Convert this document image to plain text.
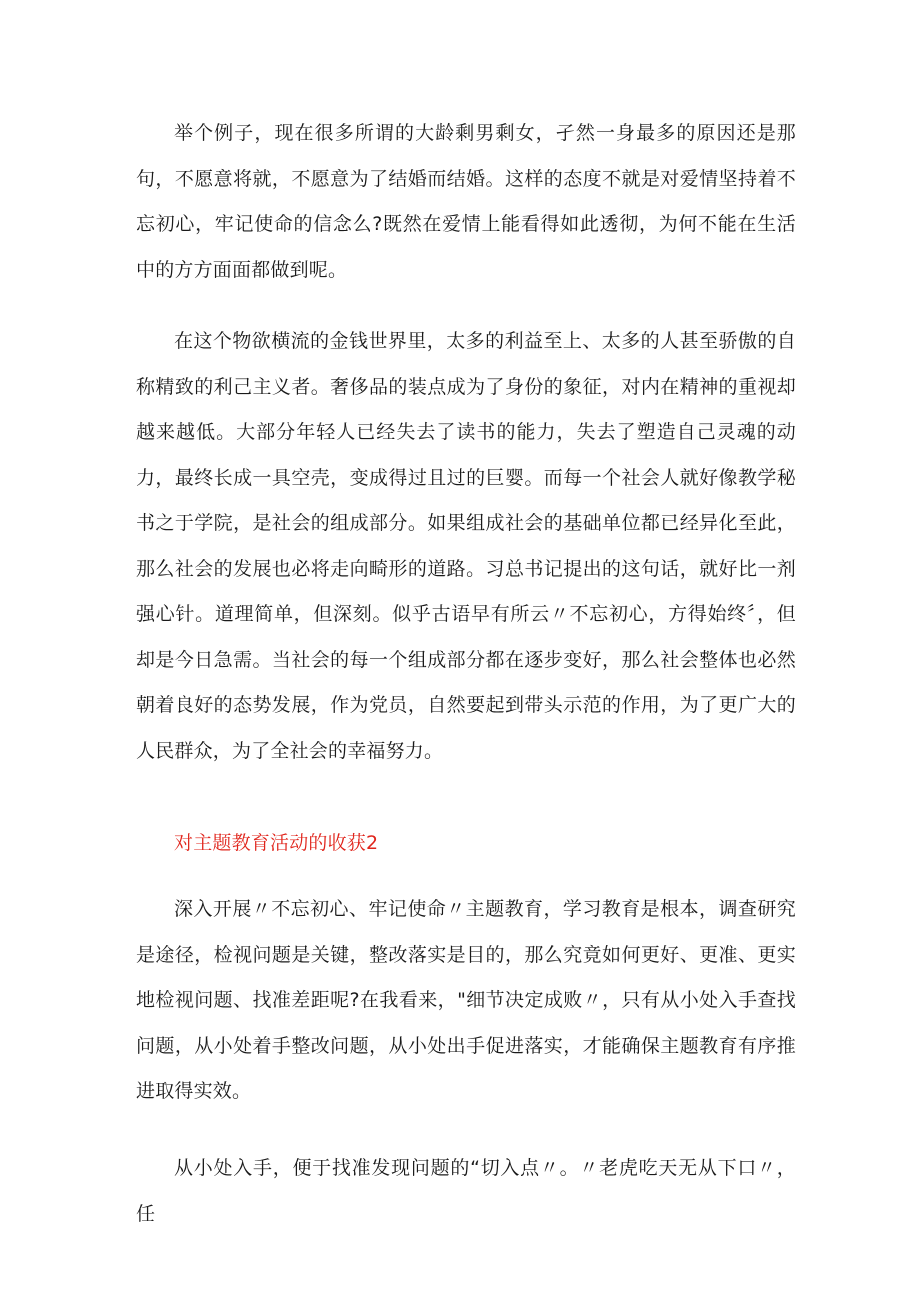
举个例子，现在很多所谓的大龄剩男剩女，孑然一身最多的原因还是那句，不愿意将就，不愿意为了结婚而结婚。这样的态度不就是对爱情坚持着不忘初心，牢记使命的信念么?既然在爱情上能看得如此透彻，为何不能在生活中的方方面面都做到呢。
在这个物欲横流的金钱世界里，太多的利益至上、太多的人甚至骄傲的自称精致的利己主义者。奢侈品的装点成为了身份的象征，对内在精神的重视却越来越低。大部分年轻人已经失去了读书的能力，失去了塑造自己灵魂的动力，最终长成一具空壳，变成得过且过的巨婴。而每一个社会人就好像教学秘书之于学院，是社会的组成部分。如果组成社会的基础单位都已经异化至此，那么社会的发展也必将走向畸形的道路。习总书记提出的这句话，就好比一剂强心针。道理简单，但深刻。似乎古语早有所云〃不忘初心，方得始终〞，但却是今日急需。当社会的每一个组成部分都在逐步变好，那么社会整体也必然朝着良好的态势发展，作为党员，自然要起到带头示范的作用，为了更广大的人民群众，为了全社会的幸福努力。
对主题教育活动的收获2
深入开展〃不忘初心、牢记使命〃主题教育，学习教育是根本，调查研究是途径，检视问题是关键，整改落实是目的，那么究竟如何更好、更准、更实地检视问题、找准差距呢?在我看来，"细节决定成败〃，只有从小处入手查找问题，从小处着手整改问题，从小处出手促进落实，才能确保主题教育有序推进取得实效。
从小处入手，便于找准发现问题的“切入点〃。〃老虎吃天无从下口〃，任
